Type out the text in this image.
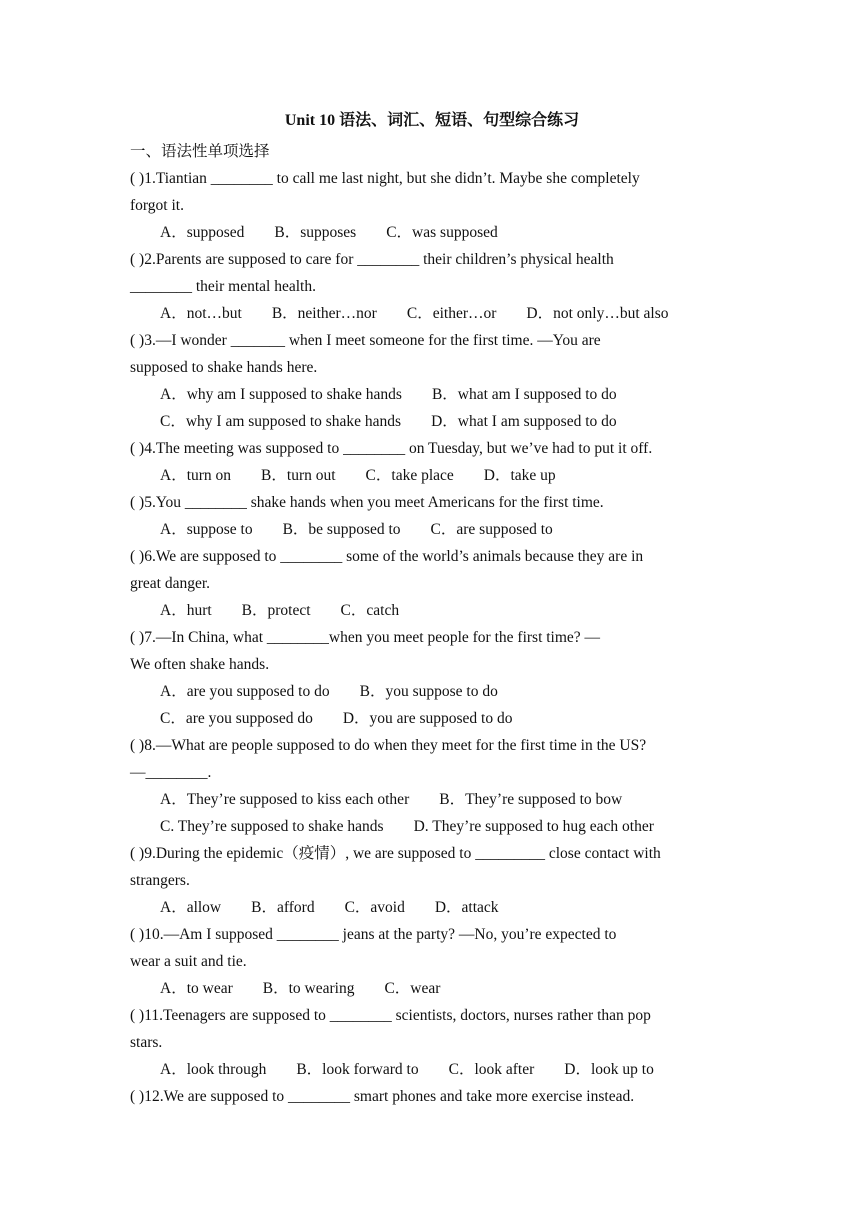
Unit 10 语法、词汇、短语、句型综合练习
一、语法性单项选择
( )1.Tiantian ________ to call me last night, but she didn’t. Maybe she completely
forgot it.
A．supposed B．supposes C．was supposed
( )2.Parents are supposed to care for ________ their children’s physical health
________ their mental health.
A．not…but B．neither…nor C．either…or D．not only…but also
( )3.—I wonder _______ when I meet someone for the first time. —You are
supposed to shake hands here.
A．why am I supposed to shake hands B．what am I supposed to do
C．why I am supposed to shake hands D．what I am supposed to do
( )4.The meeting was supposed to ________ on Tuesday, but we’ve had to put it off.
A．turn on B．turn out C．take place D．take up
( )5.You ________ shake hands when you meet Americans for the first time.
A．suppose to B．be supposed to C．are supposed to
( )6.We are supposed to ________ some of the world’s animals because they are in
great danger.
A．hurt B．protect C．catch
( )7.—In China, what ________when you meet people for the first time? —
We often shake hands.
A．are you supposed to do B．you suppose to do
C．are you supposed do D．you are supposed to do
( )8.—What are people supposed to do when they meet for the first time in the US?
—________.
A．They’re supposed to kiss each other B．They’re supposed to bow
C. They’re supposed to shake hands D. They’re supposed to hug each other
( )9.During the epidemic（疫情）, we are supposed to _________ close contact with
strangers.
A．allow B．afford C．avoid D．attack
( )10.—Am I supposed ________ jeans at the party? —No, you’re expected to
wear a suit and tie.
A．to wear B．to wearing C．wear
( )11.Teenagers are supposed to ________ scientists, doctors, nurses rather than pop
stars.
A．look through B．look forward to C．look after D．look up to
( )12.We are supposed to ________ smart phones and take more exercise instead.
